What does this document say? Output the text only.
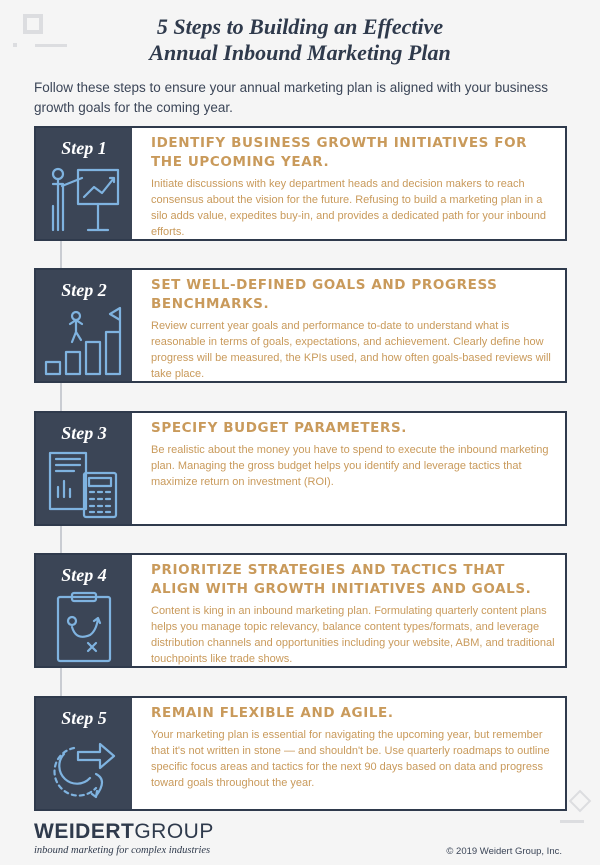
5 Steps to Building an Effective
Annual Inbound Marketing Plan

Follow these steps to ensure your annual marketing plan is aligned with your business growth goals for the coming year.

Step 1	IDENTIFY BUSINESS GROWTH INITIATIVES FOR THE UPCOMING YEAR.

Initiate discussions with key department heads and decision makers to reach consensus about the vision for the future. Refusing to build a marketing plan in a silo adds value, expedites buy-in, and provides a dedicated path for your inbound efforts.

Step 2	SET WELL-DEFINED GOALS AND PROGRESS BENCHMARKS.

Review current year goals and performance to-date to understand what is reasonable in terms of goals, expectations, and achievement. Clearly define how progress will be measured, the KPIs used, and how often goals-based reviews will take place.

Step 3	SPECIFY BUDGET PARAMETERS.

Be realistic about the money you have to spend to execute the inbound marketing plan. Managing the gross budget helps you identify and leverage tactics that maximize return on investment (ROI).

Step 4	PRIORITIZE STRATEGIES AND TACTICS THAT ALIGN WITH GROWTH INITIATIVES AND GOALS.

Content is king in an inbound marketing plan. Formulating quarterly content plans helps you manage topic relevancy, balance content types/formats, and leverage distribution channels and opportunities including your website, ABM, and traditional touchpoints like trade shows.

Step 5	REMAIN FLEXIBLE AND AGILE.

Your marketing plan is essential for navigating the upcoming year, but remember that it's not written in stone — and shouldn't be. Use quarterly roadmaps to outline specific focus areas and tactics for the next 90 days based on data and progress toward goals throughout the year.

WEIDERTGROUP
inbound marketing for complex industries	© 2019 Weidert Group, Inc.
